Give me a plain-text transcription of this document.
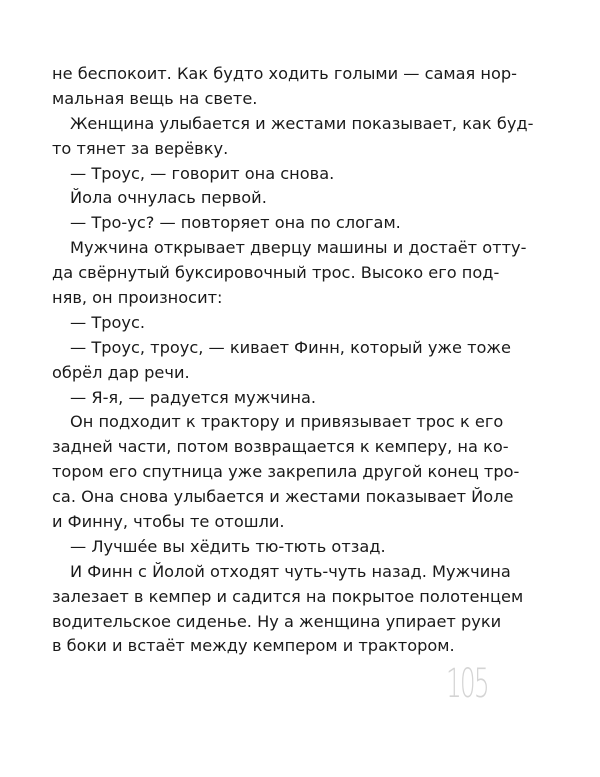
не беспокоит. Как будто ходить голыми — самая нор-
мальная вещь на свете.
Женщина улыбается и жестами показывает, как буд-
то тянет за верёвку.
— Троус, — говорит она снова.
Йола очнулась первой.
— Тро-ус? — повторяет она по слогам.
Мужчина открывает дверцу машины и достаёт отту-
да свёрнутый буксировочный трос. Высоко его под-
няв, он произносит:
— Троус.
— Троус, троус, — кивает Финн, который уже тоже
обрёл дар речи.
— Я-я, — радуется мужчина.
Он подходит к трактору и привязывает трос к его
задней части, потом возвращается к кемперу, на ко-
тором его спутница уже закрепила другой конец тро-
са. Она снова улыбается и жестами показывает Йоле
и Финну, чтобы те отошли.
— Лучше́е вы хёдить тю-тють отзад.
И Финн с Йолой отходят чуть-чуть назад. Мужчина
залезает в кемпер и садится на покрытое полотенцем
водительское сиденье. Ну а женщина упирает руки
в боки и встаёт между кемпером и трактором.
105
